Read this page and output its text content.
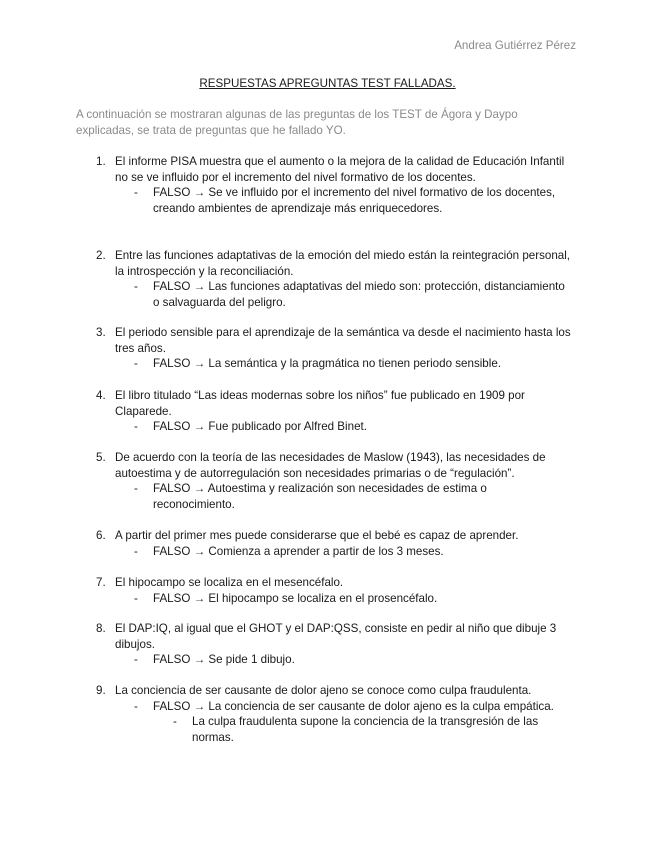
Andrea Gutiérrez Pérez
RESPUESTAS APREGUNTAS TEST FALLADAS.
A continuación se mostraran algunas de las preguntas de los TEST de Ágora y Daypo explicadas, se trata de preguntas que he fallado YO.
1. El informe PISA muestra que el aumento o la mejora de la calidad de Educación Infantil no se ve influido por el incremento del nivel formativo de los docentes.
- FALSO → Se ve influido por el incremento del nivel formativo de los docentes, creando ambientes de aprendizaje más enriquecedores.
2. Entre las funciones adaptativas de la emoción del miedo están la reintegración personal, la introspección y la reconciliación.
- FALSO → Las funciones adaptativas del miedo son: protección, distanciamiento o salvaguarda del peligro.
3. El periodo sensible para el aprendizaje de la semántica va desde el nacimiento hasta los tres años.
- FALSO → La semántica y la pragmática no tienen periodo sensible.
4. El libro titulado “Las ideas modernas sobre los niños” fue publicado en 1909 por Claparede.
- FALSO → Fue publicado por Alfred Binet.
5. De acuerdo con la teoría de las necesidades de Maslow (1943), las necesidades de autoestima y de autorregulación son necesidades primarias o de “regulación”.
- FALSO → Autoestima y realización son necesidades de estima o reconocimiento.
6. A partir del primer mes puede considerarse que el bebé es capaz de aprender.
- FALSO → Comienza a aprender a partir de los 3 meses.
7. El hipocampo se localiza en el mesencéfalo.
- FALSO → El hipocampo se localiza en el prosencéfalo.
8. El DAP:IQ, al igual que el GHOT y el DAP:QSS, consiste en pedir al niño que dibuje 3 dibujos.
- FALSO → Se pide 1 dibujo.
9. La conciencia de ser causante de dolor ajeno se conoce como culpa fraudulenta.
- FALSO → La conciencia de ser causante de dolor ajeno es la culpa empática.
- La culpa fraudulenta supone la conciencia de la transgresión de las normas.
